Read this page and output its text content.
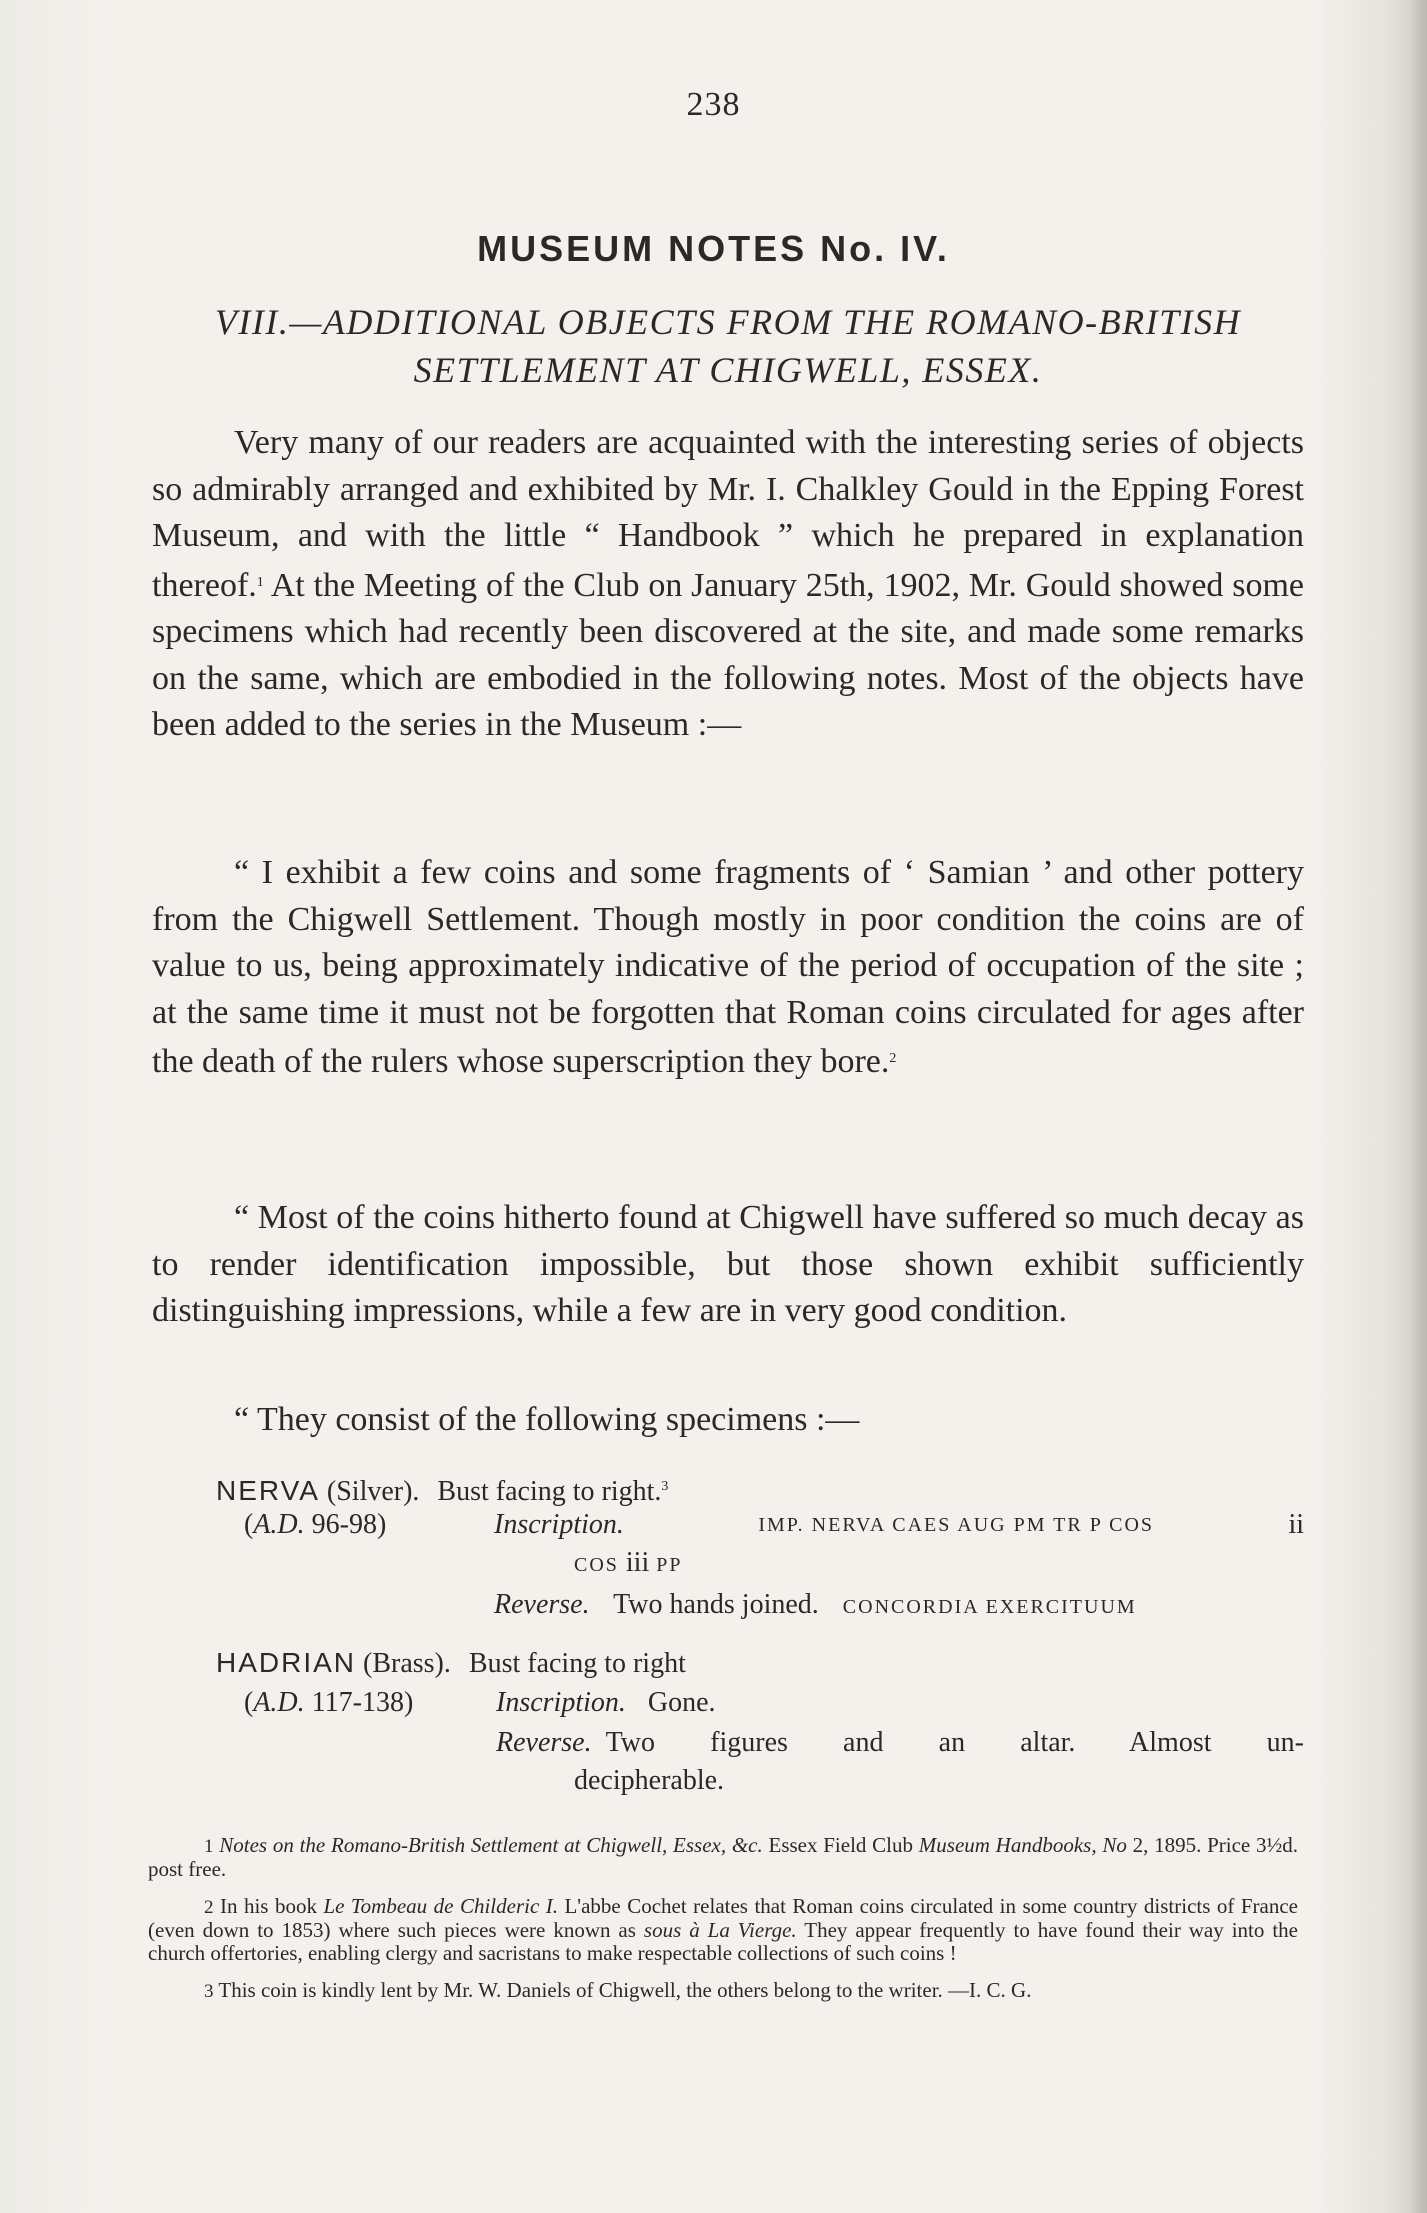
238
MUSEUM NOTES No. IV.
VIII.—ADDITIONAL OBJECTS FROM THE ROMANO-BRITISH SETTLEMENT AT CHIGWELL, ESSEX.

Very many of our readers are acquainted with the interesting series of objects so admirably arranged and exhibited by Mr. I. Chalkley Gould in the Epping Forest Museum, and with the little “ Handbook ” which he prepared in explanation thereof.$^1$ At the Meeting of the Club on January 25th, 1902, Mr. Gould showed some specimens which had recently been discovered at the site, and made some remarks on the same, which are embodied in the following notes. Most of the objects have been added to the series in the Museum :—

“ I exhibit a few coins and some fragments of ‘ Samian ’ and other pottery from the Chigwell Settlement. Though mostly in poor condition the coins are of value to us, being approximately indicative of the period of occupation of the site ; at the same time it must not be forgotten that Roman coins circulated for ages after the death of the rulers whose superscription they bore.$^2$

“ Most of the coins hitherto found at Chigwell have suffered so much decay as to render identification impossible, but those shown exhibit sufficiently distinguishing impressions, while a few are in very good condition.

“ They consist of the following specimens :—

NERVA (Silver). Bust facing to right.$^3$
(A.D. 96-98)	Inscription.	IMP. NERVA CAES AUG PM TR P COS	ii
COS iii PP
Reverse. Two hands joined. CONCORDIA EXERCITUUM
HADRIAN (Brass). Bust facing to right
(A.D. 117-138)	Inscription. Gone.
Reverse. Two figures and an altar. Almost un-
decipherable.

1 Notes on the Romano-British Settlement at Chigwell, Essex, &c. Essex Field Club Museum Handbooks, No 2, 1895. Price 3½d. post free.

2 In his book Le Tombeau de Childeric I. L'abbe Cochet relates that Roman coins circulated in some country districts of France (even down to 1853) where such pieces were known as sous à La Vierge. They appear frequently to have found their way into the church offertories, enabling clergy and sacristans to make respectable collections of such coins !

3 This coin is kindly lent by Mr. W. Daniels of Chigwell, the others belong to the writer. —I. C. G.
